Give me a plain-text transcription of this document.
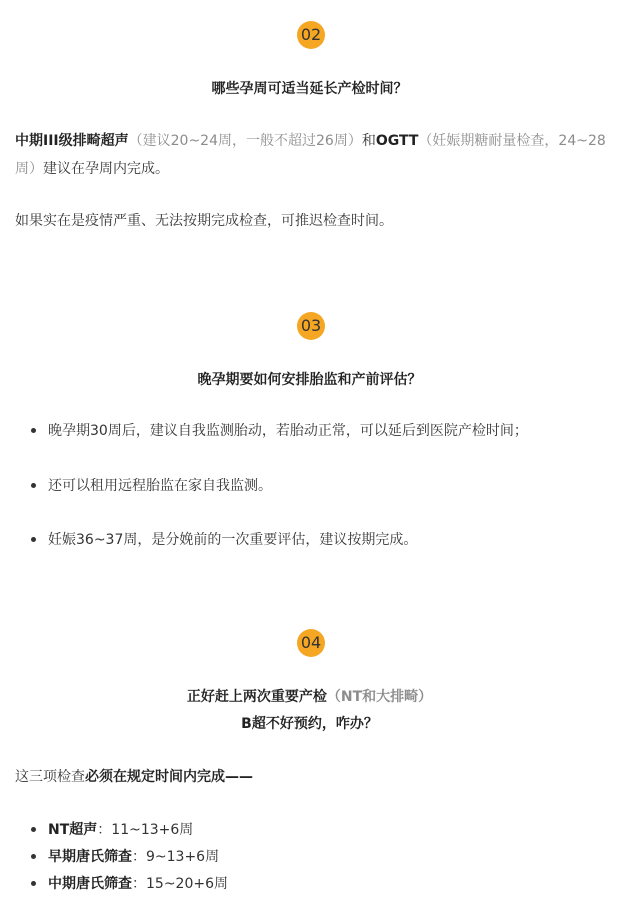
02
哪些孕周可适当延长产检时间？
中期III级排畸超声（建议20~24周，一般不超过26周）和OGTT（妊娠期糖耐量检查，24~28周）建议在孕周内完成。
如果实在是疫情严重、无法按期完成检查，可推迟检查时间。
03
晚孕期要如何安排胎监和产前评估？
晚孕期30周后，建议自我监测胎动，若胎动正常，可以延后到医院产检时间；
还可以租用远程胎监在家自我监测。
妊娠36~37周，是分娩前的一次重要评估，建议按期完成。
04
正好赶上两次重要产检（NT和大排畸）
B超不好预约，咋办？
这三项检查必须在规定时间内完成——
NT超声：11~13+6周
早期唐氏筛查：9~13+6周
中期唐氏筛查：15~20+6周
